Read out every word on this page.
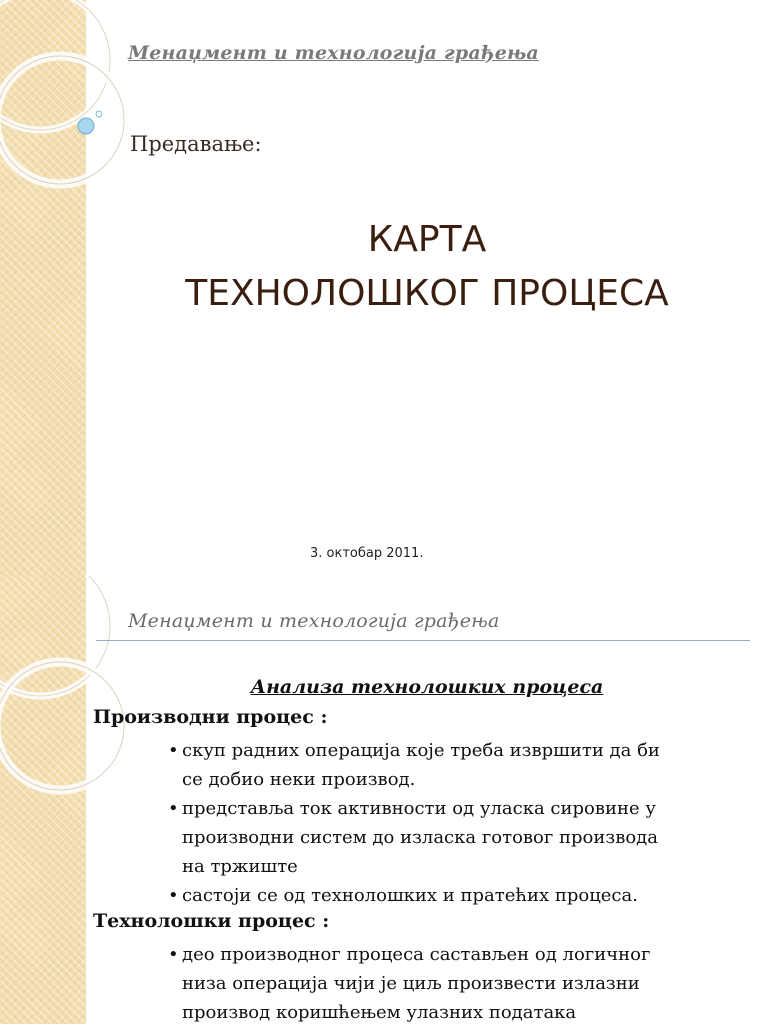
Менаџмент и технологија грађења
Предавање:
КАРТА
ТЕХНОЛОШКОГ ПРОЦЕСА
3. октобар 2011.
Менаџмент и технологија грађења
Анализа технолошких процеса
Производни процес :
• скуп радних операција које треба извршити да би
се добио неки производ.
• представља ток активности од уласка сировине у
производни систем до изласка готовог производа
на тржиште
• састоји се од технолошких и пратећих процеса.
Технолошки процес :
• део производног процеса састављен од логичног
низа операција чији је циљ произвести излазни
производ коришћењем улазних података
